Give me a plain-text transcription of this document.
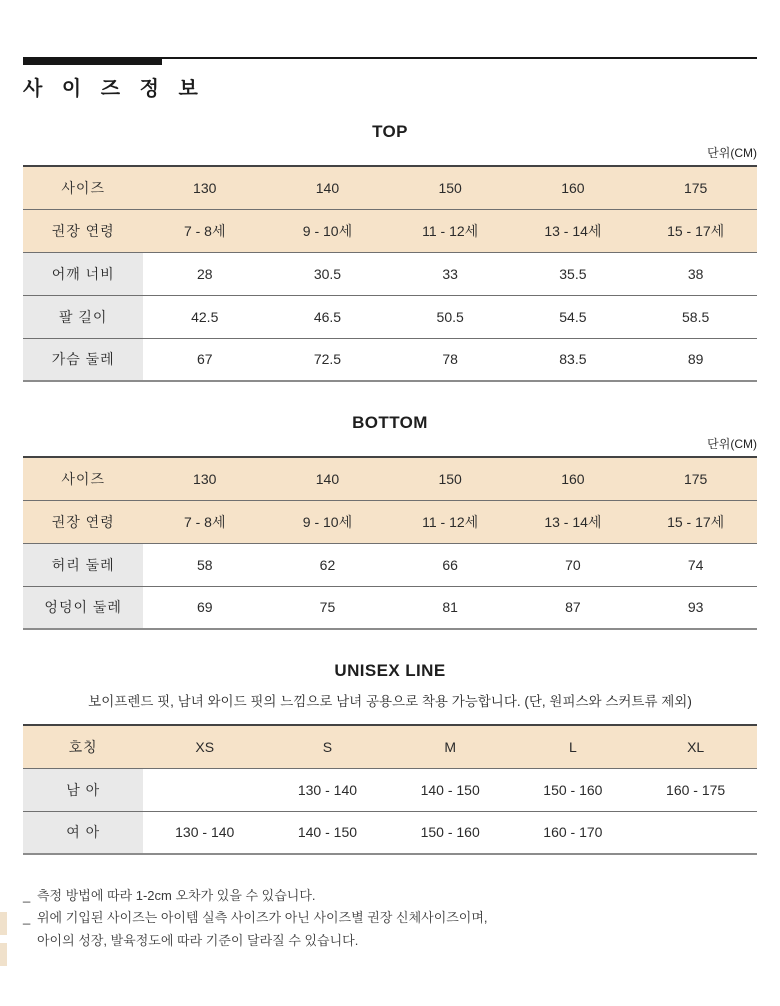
사 이 즈 정 보
TOP
단위(CM)
사이즈	130	140	150	160	175
권장 연령	7 - 8세	9 - 10세	11 - 12세	13 - 14세	15 - 17세
어깨 너비	28	30.5	33	35.5	38
팔 길이	42.5	46.5	50.5	54.5	58.5
가슴 둘레	67	72.5	78	83.5	89
BOTTOM
단위(CM)
사이즈	130	140	150	160	175
권장 연령	7 - 8세	9 - 10세	11 - 12세	13 - 14세	15 - 17세
허리 둘레	58	62	66	70	74
엉덩이 둘레	69	75	81	87	93
UNISEX LINE
보이프렌드 핏, 남녀 와이드 핏의 느낌으로 남녀 공용으로 착용 가능합니다. (단, 원피스와 스커트류 제외)
호칭	XS	S	M	L	XL
남 아		130 - 140	140 - 150	150 - 160	160 - 175
여 아	130 - 140	140 - 150	150 - 160	160 - 170	
_ 측정 방법에 따라 1-2cm 오차가 있을 수 있습니다.
_ 위에 기입된 사이즈는 아이템 실측 사이즈가 아닌 사이즈별 권장 신체사이즈이며,
아이의 성장, 발육정도에 따라 기준이 달라질 수 있습니다.
